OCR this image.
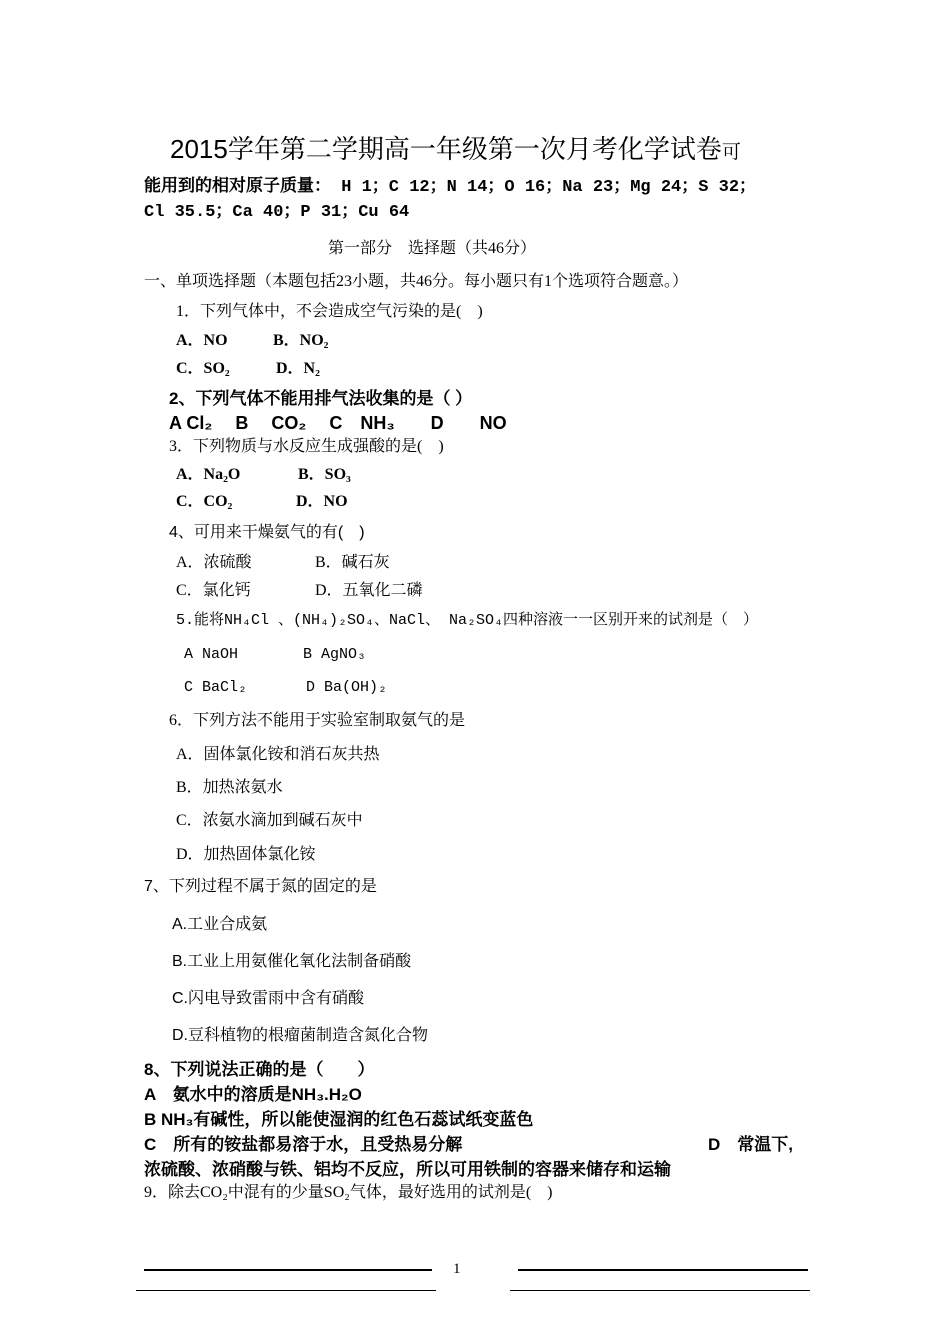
2015学年第二学期高一年级第一次月考化学试卷可
能用到的相对原子质量： H 1；C 12；N 14；O 16；Na 23；Mg 24；S 32；
Cl 35.5；Ca 40；P 31；Cu 64
第一部分　选择题（共46分）
一、单项选择题（本题包括23小题，共46分。每小题只有1个选项符合题意。）
1．下列气体中，不会造成空气污染的是(　)
A．NO	B．NO₂
C．SO₂	D．N₂
2、下列气体不能用排气法收集的是（ ）
A Cl₂　 B　 CO₂　 C　NH₃　　D　　NO
3．下列物质与水反应生成强酸的是(　)
A．Na₂O	B．SO₃
C．CO₂	D．NO
4、可用来干燥氨气的有(　)
A．浓硫酸	B．碱石灰
C．氯化钙	D．五氧化二磷
5.能将NH₄Cl 、(NH₄)₂SO₄、NaCl、 Na₂SO₄四种溶液一一区别开来的试剂是（　）
A NaOH	B AgNO₃
C BaCl₂	D Ba(OH)₂
6．下列方法不能用于实验室制取氨气的是
A．固体氯化铵和消石灰共热
B．加热浓氨水
C．浓氨水滴加到碱石灰中
D．加热固体氯化铵
7、下列过程不属于氮的固定的是
A.工业合成氨
B.工业上用氨催化氧化法制备硝酸
C.闪电导致雷雨中含有硝酸
D.豆科植物的根瘤菌制造含氮化合物
8、下列说法正确的是（　　）
A　氨水中的溶质是NH₃.H₂O
B NH₃有碱性，所以能使湿润的红色石蕊试纸变蓝色
C　所有的铵盐都易溶于水，且受热易分解	D　常温下,
浓硫酸、浓硝酸与铁、铝均不反应，所以可用铁制的容器来储存和运输
9．除去CO₂中混有的少量SO₂气体，最好选用的试剂是(　)
1
